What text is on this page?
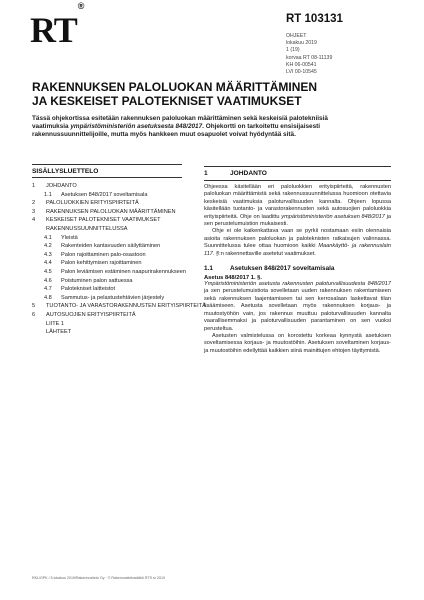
RT®
RT 103131
OHJEET
lokakuu 2019
1 (19)
korvaa RT 08-11139
KH 06-00541
LVI 00-10545
RAKENNUKSEN PALOLUOKAN MÄÄRITTÄMINEN
JA KESKEISET PALOTEKNISET VAATIMUKSET
Tässä ohjekortissa esitetään rakennuksen paloluokan määrittäminen sekä keskeisiä palotekniisiä vaatimuksia ympäristöministeriön asetuksesta 848/2017. Ohjekortti on tarkoitettu ensisijaisesti rakennussuunnittelijoille, mutta myös hankkeen muut osapuolet voivat hyödyntää sitä.
SISÄLLYSLUETTELO
1	JOHDANTO
1.1	Asetuksen 848/2017 soveltamisala
2	PALOLUOKKIEN ERITYISPIIRTEITÄ
3	RAKENNUKSEN PALOLUOKAN MÄÄRITTÄMINEN
4	KESKEISET PALOTEKNISET VAATIMUKSET
RAKENNUSSUUNNITTELUSSA
4.1	Yleistä
4.2	Rakenteiden kantavuuden säilyttäminen
4.3	Palon rajoittaminen palo-osastoon
4.4	Palon kehittymisen rajoittaminen
4.5	Palon leviämisen estäminen naapurirakennukseen
4.6	Poistuminen palon sattuessa
4.7	Palotekniset laitteistot
4.8	Sammutus- ja pelastustehtävien järjestely
5	TUOTANTO- JA VARASTORAKENNUSTEN ERITYISPIIRTEITÄ
6	AUTOSUOJIEN ERITYISPIIRTEITÄ
LIITE 1
LÄHTEET
1	JOHDANTO

Ohjeessa käsitellään eri paloluokkien erityispiirteitä, rakennusten paloluokan määrittämistä sekä rakennussuunnittelussa huomioon otettavia keskeisiä vaatimuksia paloturvallisuuden kannalta. Ohjeen lopussa käsitellään tuotanto- ja varastorakennusten sekä autosuojien paloluokkia erityispiirteitä. Ohje on laadittu ympäristöministeriön asetuksen 848/2017 ja sen perustelumuistion mukaisesti.

Ohje ei ole kaikenkattava vaan se pyrkii nostamaan esiin olennaisia asioita rakennuksen paloluokan ja paloteknisten ratkaisujen valinnassa. Suunnittelussa tulee ottaa huomioon kaikki Maankäyttö- ja rakennuslain 117. §:n rakennettaville asetetut vaatimukset.

1.1	Asetuksen 848/2017 soveltamisala
Asetus 848/2017 1. §.

Ympäristöministeriön asetusta rakennusten paloturvallisuudesta 848/2017 ja sen perustelumuistiota sovelletaan uuden rakennuksen rakentamiseen sekä rakennuksen laajentamiseen tai sen kerrosalaan laskettavat tilan lisäämiseen. Asetusta sovelletaan myös rakennuksen korjaus- ja muutostyöhön vain, jos rakennus muuttuu paloturvallisuuden kannalta vaarallisemmaksi ja paloturvallisuuden parantaminen on sen vuoksi perusteltua.

Asetusten valmistelussa on korostettu korkeaa kynnystä asetuksen soveltamisessa korjaus- ja muutostöihin. Asetuksen soveltaminen korjaus- ja muutostöihin edellyttää kaikkien siinä mainittujen ehtojen täyttymistä.

RKL/GPK / 5 lokakuu 2019/Rakennustieto Oy · © Rakennustietosäätiö RTS sr 2019
